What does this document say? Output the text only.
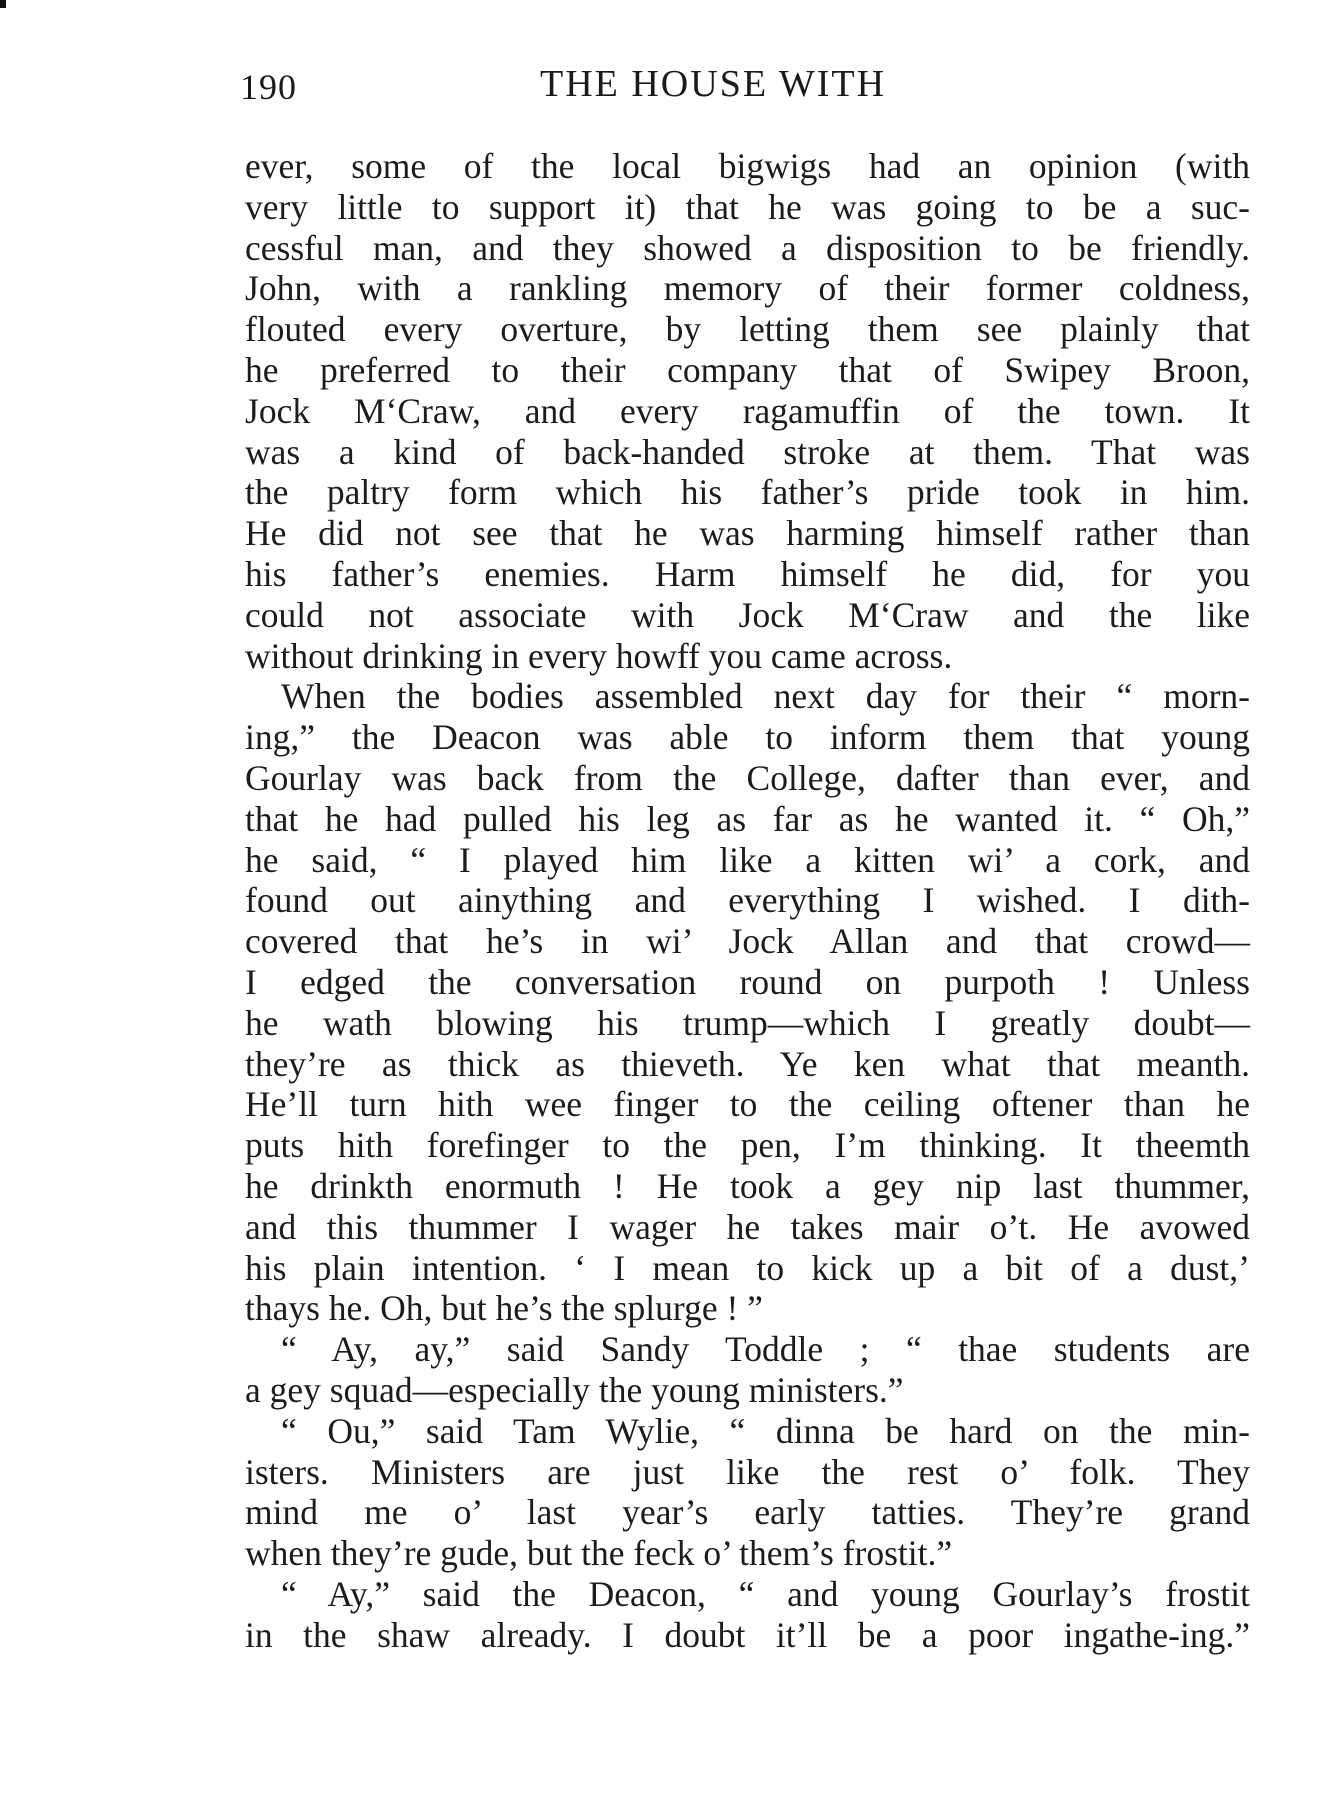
190	THE HOUSE WITH
ever, some of the local bigwigs had an opinion (with
very little to support it) that he was going to be a suc-
cessful man, and they showed a disposition to be friendly.
John, with a rankling memory of their former coldness,
flouted every overture, by letting them see plainly that
he preferred to their company that of Swipey Broon,
Jock M‘Craw, and every ragamuffin of the town. It
was a kind of back-handed stroke at them. That was
the paltry form which his father’s pride took in him.
He did not see that he was harming himself rather than
his father’s enemies. Harm himself he did, for you
could not associate with Jock M‘Craw and the like
without drinking in every howff you came across.
When the bodies assembled next day for their “ morn-
ing,” the Deacon was able to inform them that young
Gourlay was back from the College, dafter than ever, and
that he had pulled his leg as far as he wanted it. “ Oh,”
he said, “ I played him like a kitten wi’ a cork, and
found out ainything and everything I wished. I dith-
covered that he’s in wi’ Jock Allan and that crowd—
I edged the conversation round on purpoth ! Unless
he wath blowing his trump—which I greatly doubt—
they’re as thick as thieveth. Ye ken what that meanth.
He’ll turn hith wee finger to the ceiling oftener than he
puts hith forefinger to the pen, I’m thinking. It theemth
he drinkth enormuth ! He took a gey nip last thummer,
and this thummer I wager he takes mair o’t. He avowed
his plain intention. ‘ I mean to kick up a bit of a dust,’
thays he. Oh, but he’s the splurge ! ”
“ Ay, ay,” said Sandy Toddle ; “ thae students are
a gey squad—especially the young ministers.”
“ Ou,” said Tam Wylie, “ dinna be hard on the min-
isters. Ministers are just like the rest o’ folk. They
mind me o’ last year’s early tatties. They’re grand
when they’re gude, but the feck o’ them’s frostit.”
“ Ay,” said the Deacon, “ and young Gourlay’s frostit
in the shaw already. I doubt it’ll be a poor ingathe‐ing.”
